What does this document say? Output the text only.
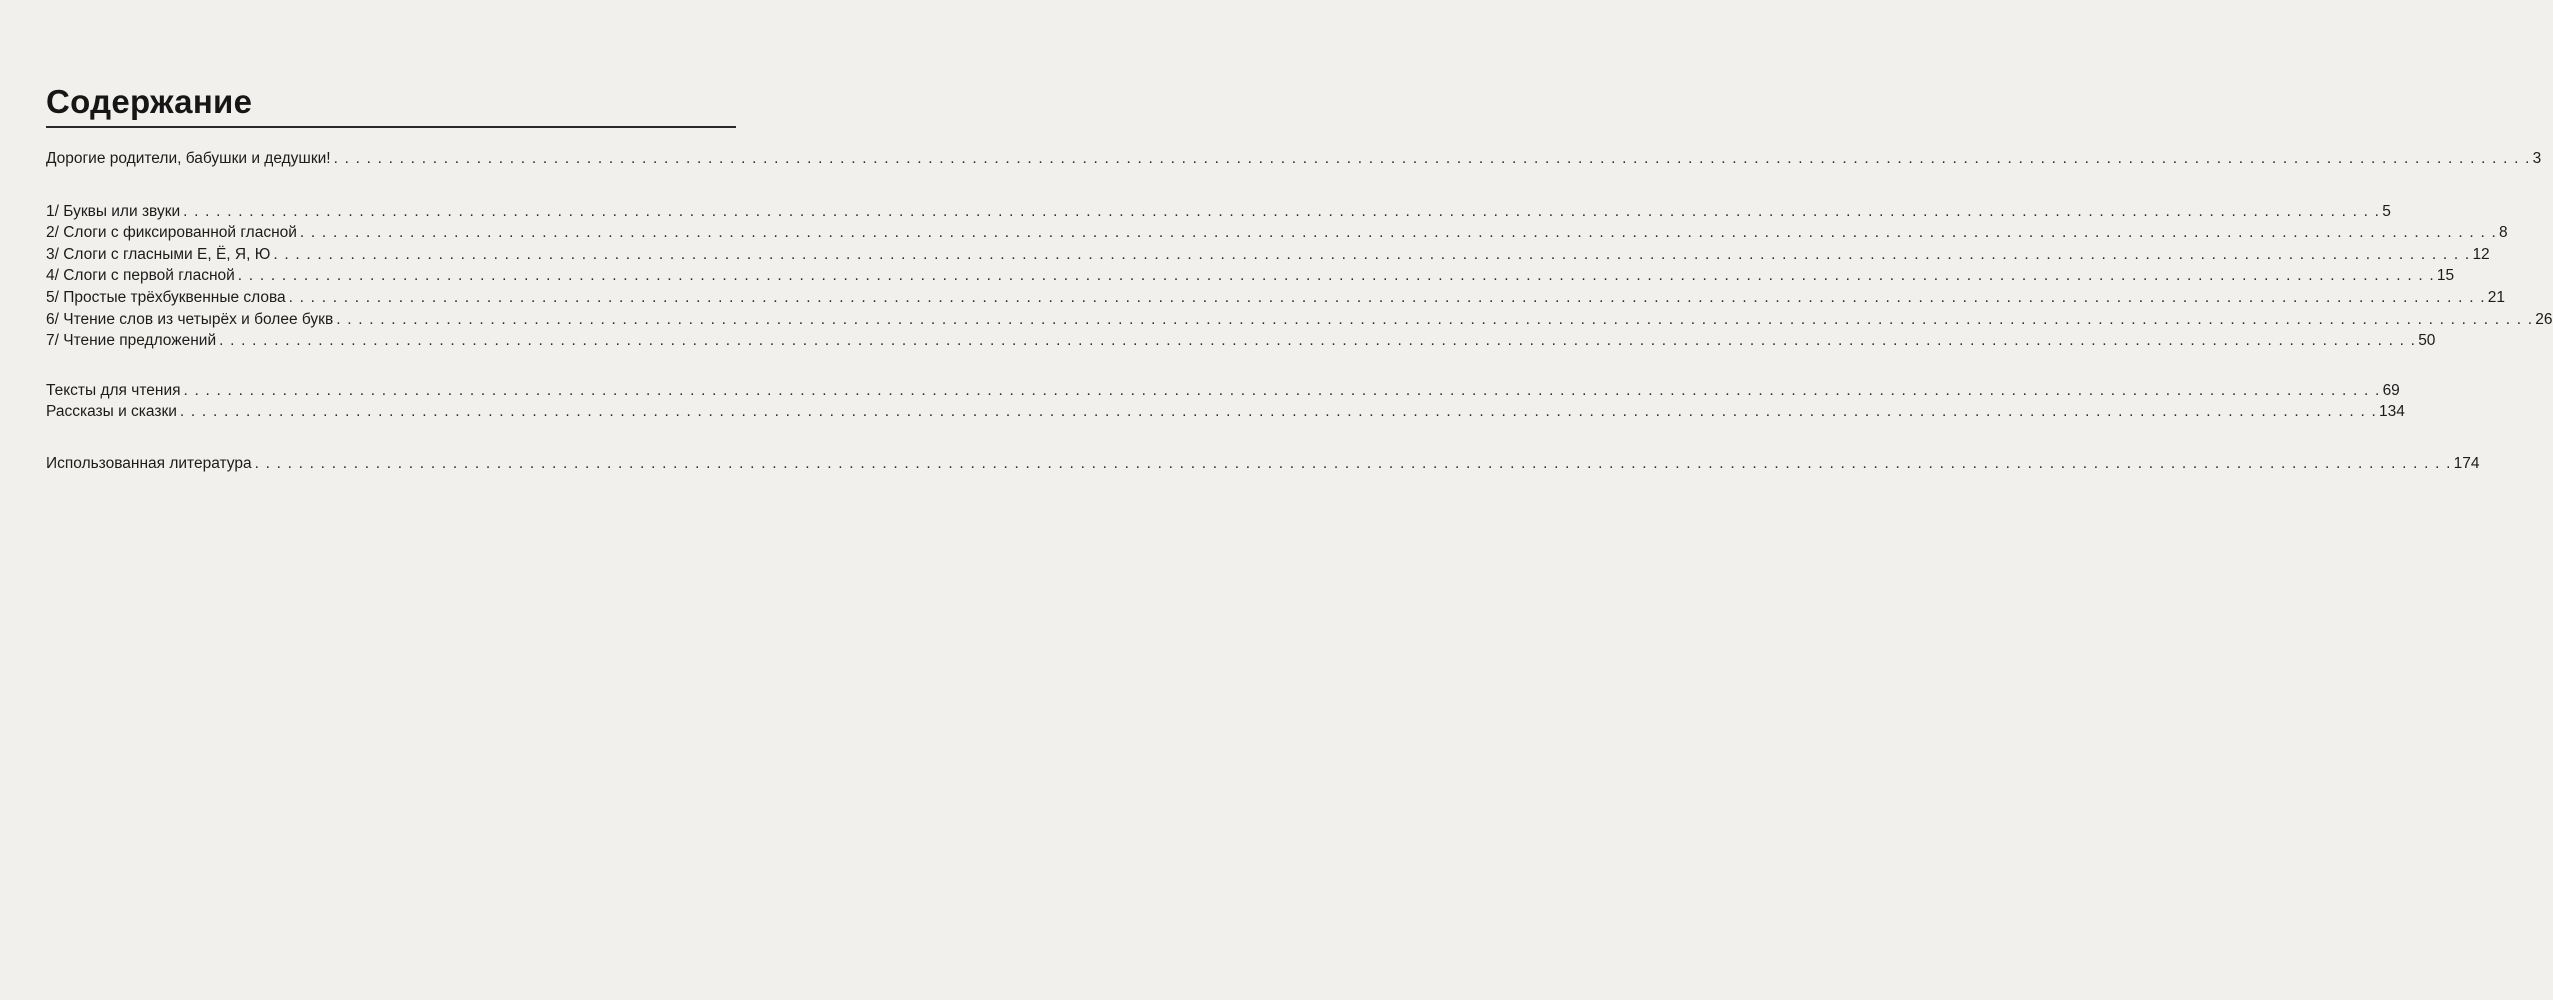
Содержание
Дорогие родители, бабушки и дедушки! . . . . . . . . . . . . . . . . . . . . . . . . . . . . . . . . . . . . . . . . . . . . . . . . . . . . . . . . . . . . . . . . . . . . . . . . . . . . . . . . . . . . . . . . . . . . . . . . . . . . . . . . . . . . . . . . . . . . . . . . . . . . . . . . . . . . . . . . . . . . . . . . . . . . . . . . . . . . . . . . . . . . . . . . . . . . . . . . . . . . . . . . . . . . . . . . . . . . . . . . 3
1/ Буквы или звуки . . . . . . . . . . . . . . . . . . . . . . . . . . . . . . . . . . . . . . . . . . . . . . . . . . . . . . . . . . . . . . . . . . . . . . . . . . . . . . . . . . . . . . . . . . . . . . . . . . . . . . . . . . . . . . . . . . . . . . . . . . . . . . . . . . . . . . . . . . . . . . . . . . . . . . . . . . . . . . . . . . . . . . . . . . . . . . . . . . . . . . . . . . . . . . . . . . . . . . . . 5
2/ Слоги с фиксированной гласной . . . . . . . . . . . . . . . . . . . . . . . . . . . . . . . . . . . . . . . . . . . . . . . . . . . . . . . . . . . . . . . . . . . . . . . . . . . . . . . . . . . . . . . . . . . . . . . . . . . . . . . . . . . . . . . . . . . . . . . . . . . . . . . . . . . . . . . . . . . . . . . . . . . . . . . . . . . . . . . . . . . . . . . . . . . . . . . . . . . . . . . . . . . . . . . . . . . . . . . . 8
3/ Слоги с гласными Е, Ё, Я, Ю . . . . . . . . . . . . . . . . . . . . . . . . . . . . . . . . . . . . . . . . . . . . . . . . . . . . . . . . . . . . . . . . . . . . . . . . . . . . . . . . . . . . . . . . . . . . . . . . . . . . . . . . . . . . . . . . . . . . . . . . . . . . . . . . . . . . . . . . . . . . . . . . . . . . . . . . . . . . . . . . . . . . . . . . . . . . . . . . . . . . . . . . . . . . . . . . . . . . . . . . 12
4/ Слоги с первой гласной . . . . . . . . . . . . . . . . . . . . . . . . . . . . . . . . . . . . . . . . . . . . . . . . . . . . . . . . . . . . . . . . . . . . . . . . . . . . . . . . . . . . . . . . . . . . . . . . . . . . . . . . . . . . . . . . . . . . . . . . . . . . . . . . . . . . . . . . . . . . . . . . . . . . . . . . . . . . . . . . . . . . . . . . . . . . . . . . . . . . . . . . . . . . . . . . . . . . . . . . 15
5/ Простые трёхбуквенные слова . . . . . . . . . . . . . . . . . . . . . . . . . . . . . . . . . . . . . . . . . . . . . . . . . . . . . . . . . . . . . . . . . . . . . . . . . . . . . . . . . . . . . . . . . . . . . . . . . . . . . . . . . . . . . . . . . . . . . . . . . . . . . . . . . . . . . . . . . . . . . . . . . . . . . . . . . . . . . . . . . . . . . . . . . . . . . . . . . . . . . . . . . . . . . . . . . . . . . . . . 21
6/ Чтение слов из четырёх и более букв . . . . . . . . . . . . . . . . . . . . . . . . . . . . . . . . . . . . . . . . . . . . . . . . . . . . . . . . . . . . . . . . . . . . . . . . . . . . . . . . . . . . . . . . . . . . . . . . . . . . . . . . . . . . . . . . . . . . . . . . . . . . . . . . . . . . . . . . . . . . . . . . . . . . . . . . . . . . . . . . . . . . . . . . . . . . . . . . . . . . . . . . . . . . . . . . . . . . . . . . 26
7/ Чтение предложений . . . . . . . . . . . . . . . . . . . . . . . . . . . . . . . . . . . . . . . . . . . . . . . . . . . . . . . . . . . . . . . . . . . . . . . . . . . . . . . . . . . . . . . . . . . . . . . . . . . . . . . . . . . . . . . . . . . . . . . . . . . . . . . . . . . . . . . . . . . . . . . . . . . . . . . . . . . . . . . . . . . . . . . . . . . . . . . . . . . . . . . . . . . . . . . . . . . . . . . . 50
Тексты для чтения . . . . . . . . . . . . . . . . . . . . . . . . . . . . . . . . . . . . . . . . . . . . . . . . . . . . . . . . . . . . . . . . . . . . . . . . . . . . . . . . . . . . . . . . . . . . . . . . . . . . . . . . . . . . . . . . . . . . . . . . . . . . . . . . . . . . . . . . . . . . . . . . . . . . . . . . . . . . . . . . . . . . . . . . . . . . . . . . . . . . . . . . . . . . . . . . . . . . . . . . 69
Рассказы и сказки . . . . . . . . . . . . . . . . . . . . . . . . . . . . . . . . . . . . . . . . . . . . . . . . . . . . . . . . . . . . . . . . . . . . . . . . . . . . . . . . . . . . . . . . . . . . . . . . . . . . . . . . . . . . . . . . . . . . . . . . . . . . . . . . . . . . . . . . . . . . . . . . . . . . . . . . . . . . . . . . . . . . . . . . . . . . . . . . . . . . . . . . . . . . . . . . . . . . . . . . 134
Использованная литература . . . . . . . . . . . . . . . . . . . . . . . . . . . . . . . . . . . . . . . . . . . . . . . . . . . . . . . . . . . . . . . . . . . . . . . . . . . . . . . . . . . . . . . . . . . . . . . . . . . . . . . . . . . . . . . . . . . . . . . . . . . . . . . . . . . . . . . . . . . . . . . . . . . . . . . . . . . . . . . . . . . . . . . . . . . . . . . . . . . . . . . . . . . . . . . . . . . . . . . . 174
